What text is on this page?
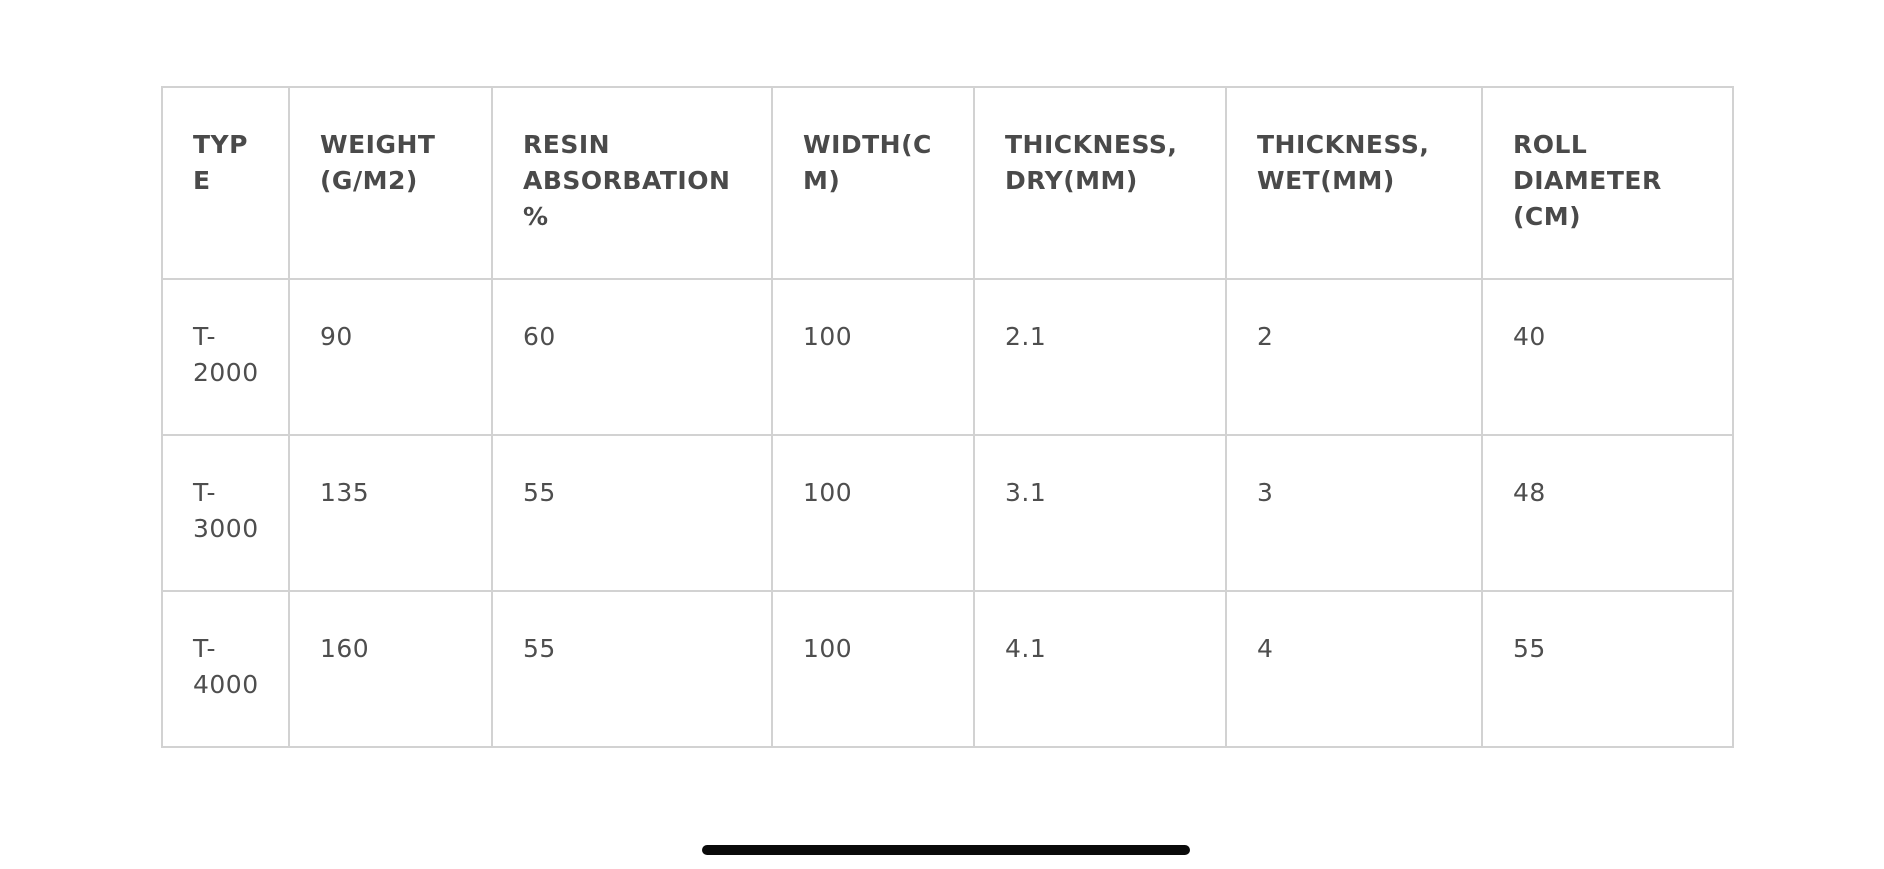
TYPE	WEIGHT (G/M2)	RESIN ABSORBATION%	WIDTH(CM)	THICKNESS, DRY(MM)	THICKNESS, WET(MM)	ROLL DIAMETER (CM)
T-2000	90	60	100	2.1	2	40
T-3000	135	55	100	3.1	3	48
T-4000	160	55	100	4.1	4	55
